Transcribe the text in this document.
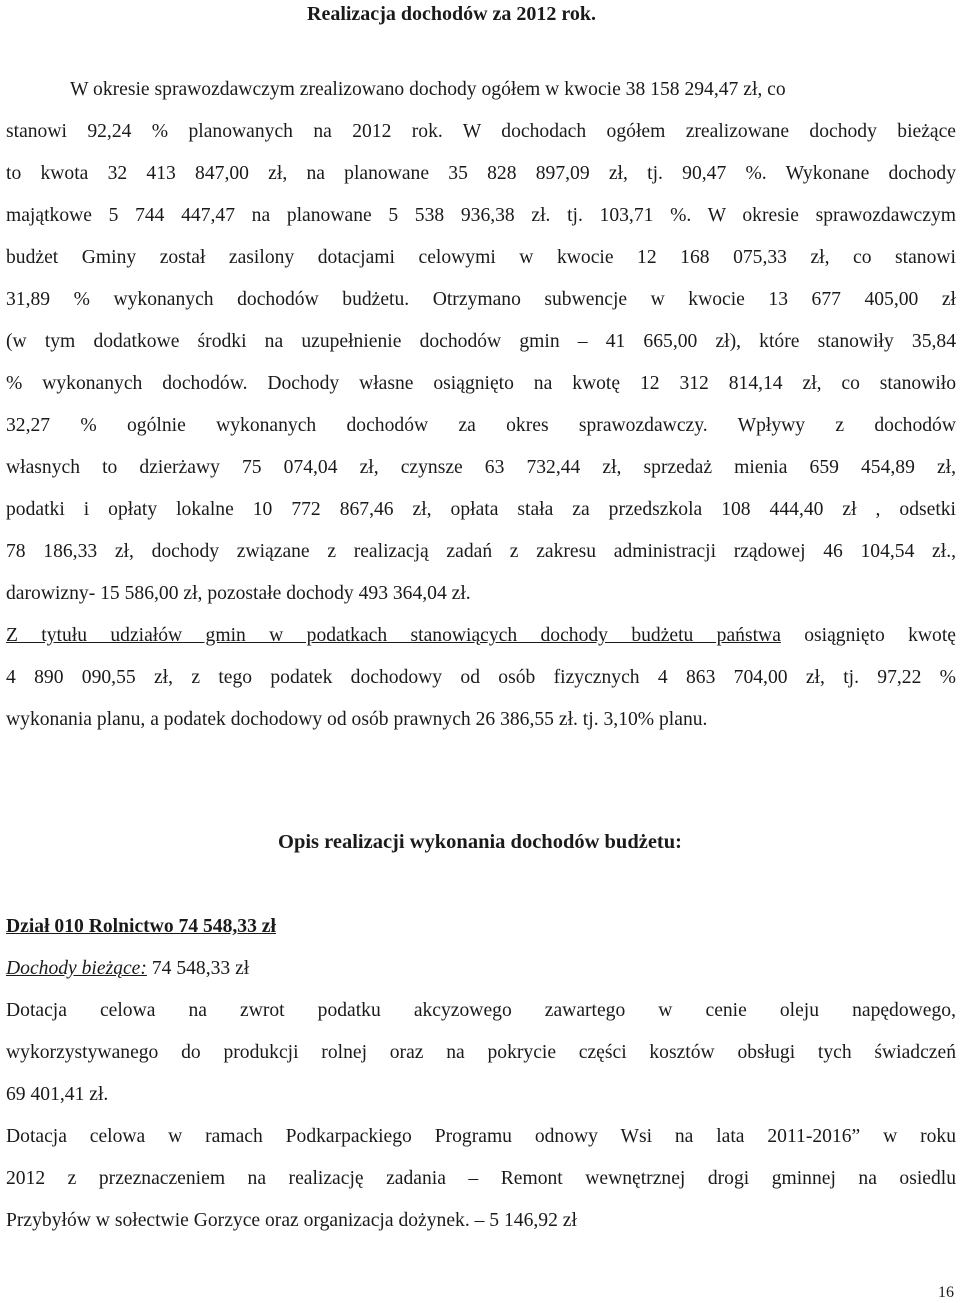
Realizacja dochodów za 2012 rok.
W okresie sprawozdawczym zrealizowano dochody ogółem w kwocie 38 158 294,47 zł, co
stanowi 92,24 % planowanych na 2012 rok. W dochodach ogółem zrealizowane dochody bieżące
to kwota 32 413 847,00 zł, na planowane 35 828 897,09 zł, tj. 90,47 %. Wykonane dochody
majątkowe 5 744 447,47 na planowane 5 538 936,38 zł. tj. 103,71 %. W okresie sprawozdawczym
budżet Gminy został zasilony dotacjami celowymi w kwocie 12 168 075,33 zł, co stanowi
31,89 % wykonanych dochodów budżetu. Otrzymano subwencje w kwocie 13 677 405,00 zł
(w tym dodatkowe środki na uzupełnienie dochodów gmin – 41 665,00 zł), które stanowiły 35,84
% wykonanych dochodów. Dochody własne osiągnięto na kwotę 12 312 814,14 zł, co stanowiło
32,27 % ogólnie wykonanych dochodów za okres sprawozdawczy. Wpływy z dochodów
własnych to dzierżawy 75 074,04 zł, czynsze 63 732,44 zł, sprzedaż mienia 659 454,89 zł,
podatki i opłaty lokalne 10 772 867,46 zł, opłata stała za przedszkola 108 444,40 zł , odsetki
78 186,33 zł, dochody związane z realizacją zadań z zakresu administracji rządowej 46 104,54 zł.,
darowizny- 15 586,00 zł, pozostałe dochody 493 364,04 zł.
Z tytułu udziałów gmin w podatkach stanowiących dochody budżetu państwa osiągnięto kwotę
4 890 090,55 zł, z tego podatek dochodowy od osób fizycznych 4 863 704,00 zł, tj. 97,22 %
wykonania planu, a podatek dochodowy od osób prawnych 26 386,55 zł. tj. 3,10% planu.
Opis realizacji wykonania dochodów budżetu:
Dział 010 Rolnictwo 74 548,33 zł
Dochody bieżące: 74 548,33 zł
Dotacja celowa na zwrot podatku akcyzowego zawartego w cenie oleju napędowego,
wykorzystywanego do produkcji rolnej oraz na pokrycie części kosztów obsługi tych świadczeń
69 401,41 zł.
Dotacja celowa w ramach Podkarpackiego Programu odnowy Wsi na lata 2011-2016” w roku
2012 z przeznaczeniem na realizację zadania – Remont wewnętrznej drogi gminnej na osiedlu
Przybyłów w sołectwie Gorzyce oraz organizacja dożynek. – 5 146,92 zł
16
